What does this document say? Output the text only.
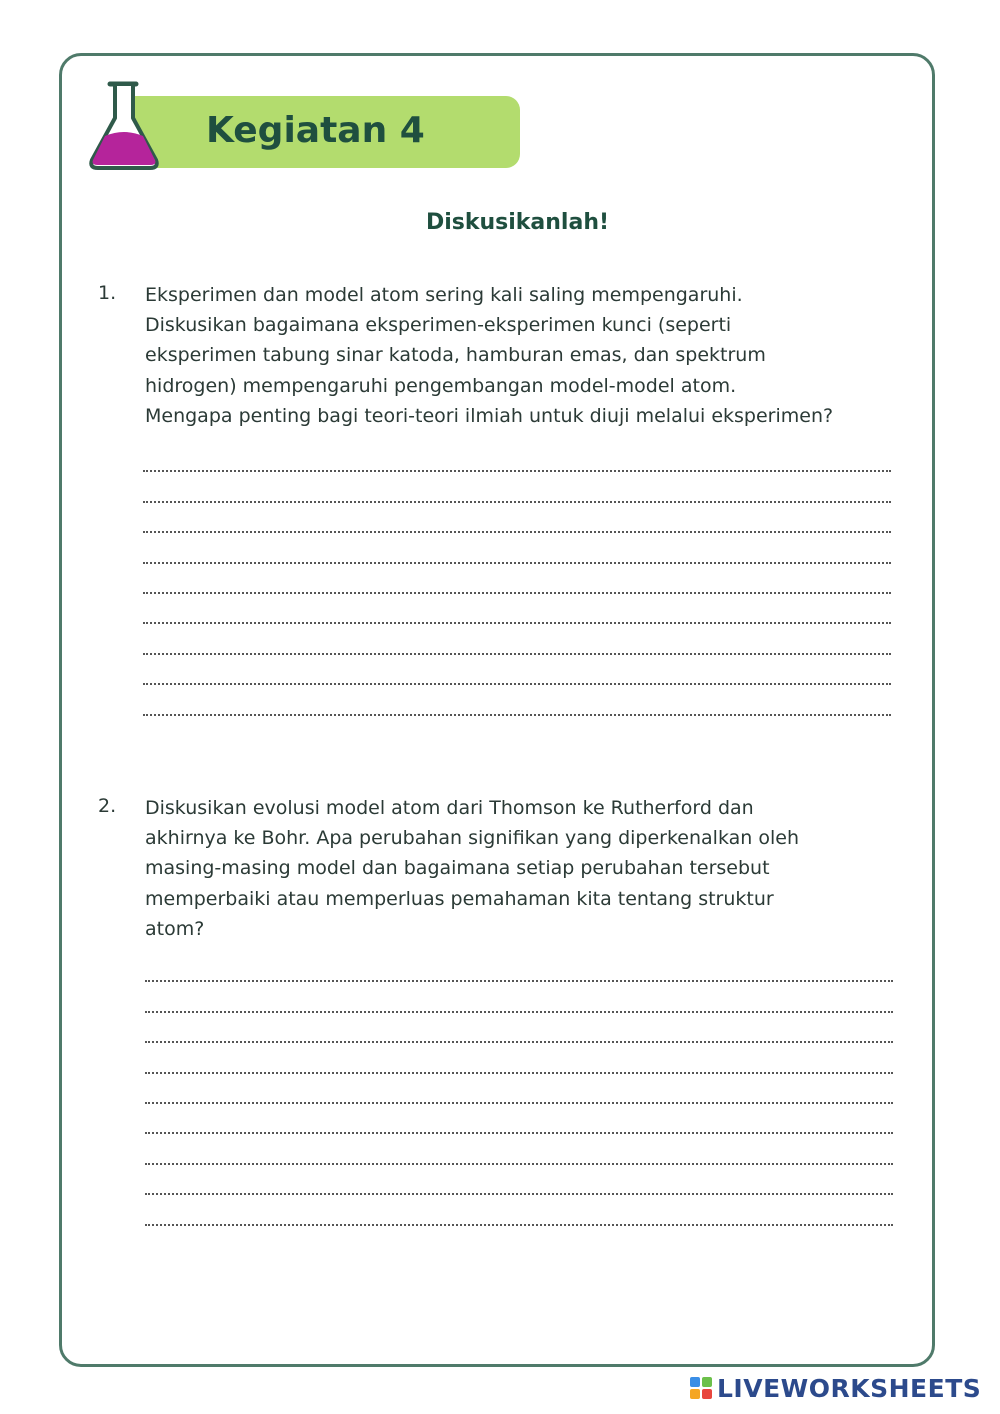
Kegiatan 4
Diskusikanlah!
1. Eksperimen dan model atom sering kali saling mempengaruhi.
Diskusikan bagaimana eksperimen-eksperimen kunci (seperti
eksperimen tabung sinar katoda, hamburan emas, dan spektrum
hidrogen) mempengaruhi pengembangan model-model atom.
Mengapa penting bagi teori-teori ilmiah untuk diuji melalui eksperimen?
2. Diskusikan evolusi model atom dari Thomson ke Rutherford dan
akhirnya ke Bohr. Apa perubahan signifikan yang diperkenalkan oleh
masing-masing model dan bagaimana setiap perubahan tersebut
memperbaiki atau memperluas pemahaman kita tentang struktur
atom?
LIVEWORKSHEETS
